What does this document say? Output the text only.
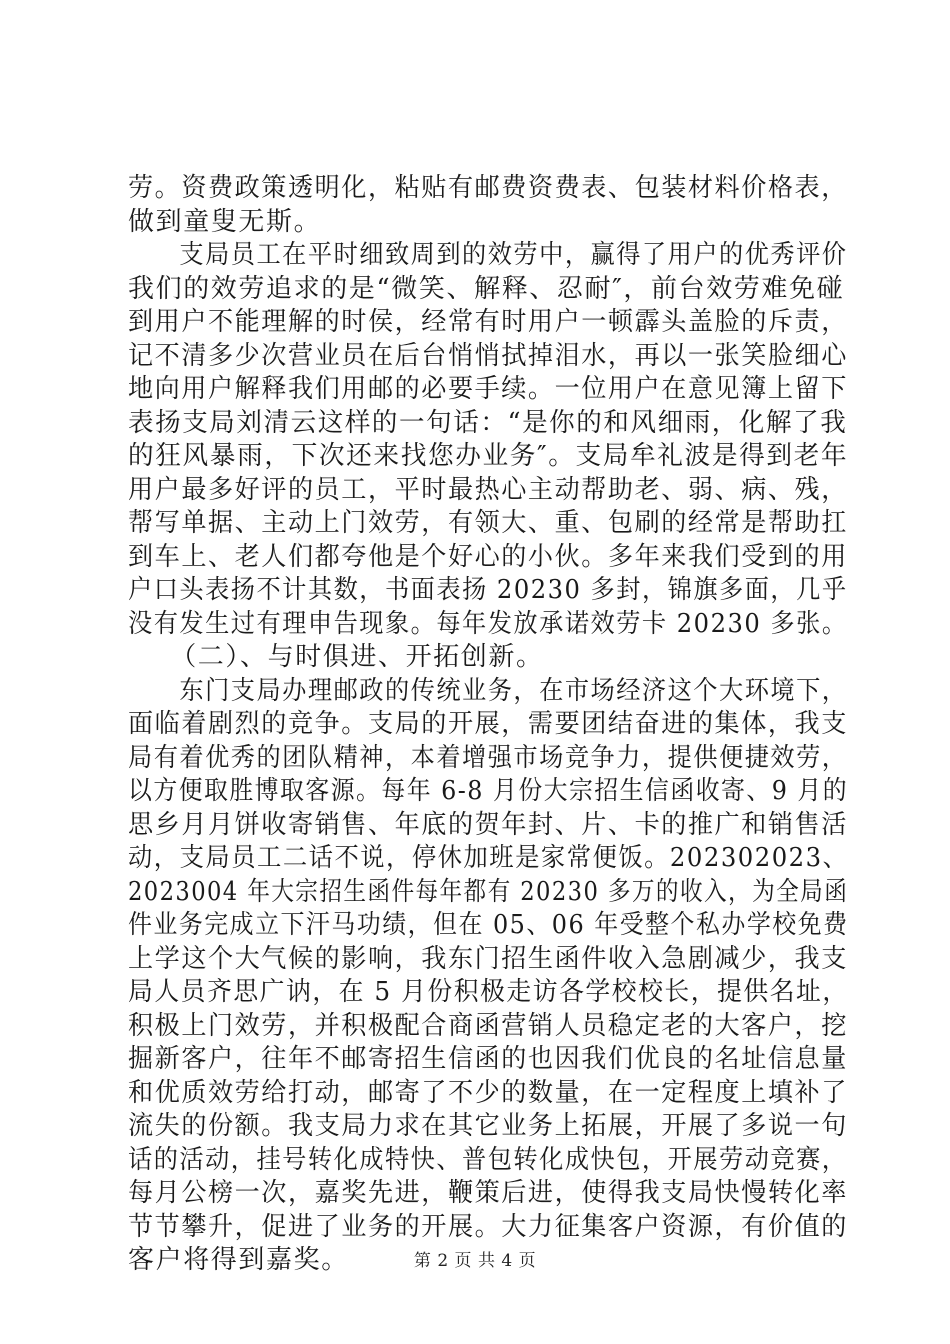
劳。资费政策透明化，粘贴有邮费资费表、包装材料价格表，
做到童叟无斯。
　　支局员工在平时细致周到的效劳中，赢得了用户的优秀评价
我们的效劳追求的是“微笑、解释、忍耐″，前台效劳难免碰
到用户不能理解的时侯，经常有时用户一顿霹头盖脸的斥责，
记不清多少次营业员在后台悄悄拭掉泪水，再以一张笑脸细心
地向用户解释我们用邮的必要手续。一位用户在意见簿上留下
表扬支局刘清云这样的一句话：“是你的和风细雨，化解了我
的狂风暴雨，下次还来找您办业务″。支局牟礼波是得到老年
用户最多好评的员工，平时最热心主动帮助老、弱、病、残，
帮写单据、主动上门效劳，有领大、重、包刷的经常是帮助扛
到车上、老人们都夸他是个好心的小伙。多年来我们受到的用
户口头表扬不计其数，书面表扬 20230 多封，锦旗多面，几乎
没有发生过有理申告现象。每年发放承诺效劳卡 20230 多张。
　　（二）、与时俱进、开拓创新。
　　东门支局办理邮政的传统业务，在市场经济这个大环境下，
面临着剧烈的竞争。支局的开展，需要团结奋进的集体，我支
局有着优秀的团队精神，本着增强市场竞争力，提供便捷效劳，
以方便取胜博取客源。每年 6-8 月份大宗招生信函收寄、9 月的
思乡月月饼收寄销售、年底的贺年封、片、卡的推广和销售活
动，支局员工二话不说，停休加班是家常便饭。202302023、
2023004 年大宗招生函件每年都有 20230 多万的收入，为全局函
件业务完成立下汗马功绩，但在 05、06 年受整个私办学校免费
上学这个大气候的影响，我东门招生函件收入急剧减少，我支
局人员齐思广讷，在 5 月份积极走访各学校校长，提供名址，
积极上门效劳，并积极配合商函营销人员稳定老的大客户，挖
掘新客户，往年不邮寄招生信函的也因我们优良的名址信息量
和优质效劳给打动，邮寄了不少的数量，在一定程度上填补了
流失的份额。我支局力求在其它业务上拓展，开展了多说一句
话的活动，挂号转化成特快、普包转化成快包，开展劳动竞赛，
每月公榜一次，嘉奖先进，鞭策后进，使得我支局快慢转化率
节节攀升，促进了业务的开展。大力征集客户资源，有价值的
客户将得到嘉奖。	第 2 页 共 4 页
